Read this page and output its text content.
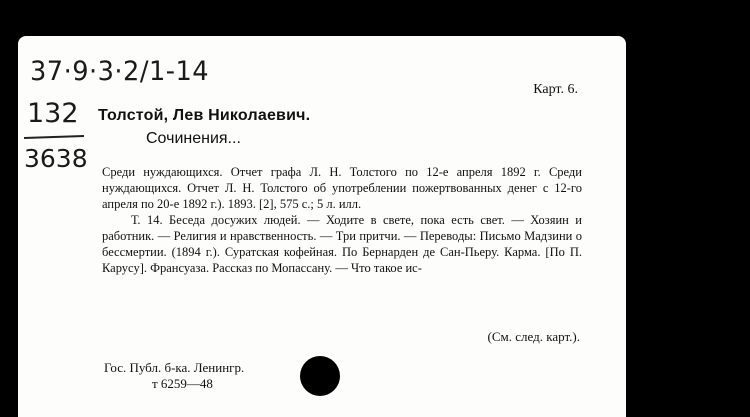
37·9·3·2/1-14
132
3638
Карт. 6.
Толстой, Лев Николаевич.
Сочинения...

Среди нуждающихся. Отчет графа Л. Н. Толстого по 12-е апреля 1892 г. Среди нуждающихся. Отчет Л. Н. Толстого об употреблении пожертвованных денег с 12-го апреля по 20-е 1892 г.). 1893. [2], 575 с.; 5 л. илл.

Т. 14. Беседа досужих людей. — Ходите в свете, пока есть свет. — Хозяин и работник. — Религия и нравственность. — Три притчи. — Переводы: Письмо Мадзини о бессмертии. (1894 г.). Суратская кофейная. По Бернарден де Сан-Пьеру. Карма. [По П. Карусу]. Франсуаза. Рассказ по Мопассану. — Что такое ис-

(См. след. карт.).
Гос. Публ. б-ка. Ленингр.
т 6259—48
